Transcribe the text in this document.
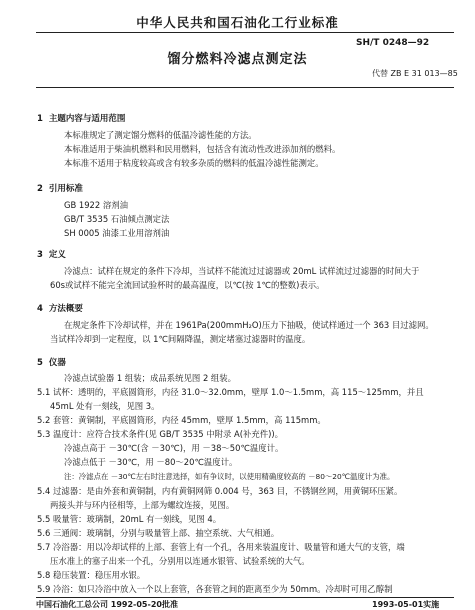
中华人民共和国石油化工行业标准
SH/T 0248—92
馏分燃料冷滤点测定法
代替 ZB E 31 013—85
1 主题内容与适用范围
本标准规定了测定馏分燃料的低温冷滤性能的方法。
本标准适用于柴油机燃料和民用燃料，包括含有流动性改进添加剂的燃料。
本标准不适用于粘度较高或含有较多杂质的燃料的低温冷滤性能测定。
2 引用标准
GB 1922 溶剂油
GB/T 3535 石油倾点测定法
SH 0005 油漆工业用溶剂油
3 定义
冷滤点：试样在规定的条件下冷却，当试样不能流过过滤器或 20mL 试样流过过滤器的时间大于
60s或试样不能完全流回试验杯时的最高温度，以℃(按 1℃的整数)表示。
4 方法概要
在规定条件下冷却试样，并在 1961Pa(200mmH₂O)压力下抽吸，使试样通过一个 363 目过滤网。
当试样冷却到一定程度，以 1℃间隔降温，测定堵塞过滤器时的温度。
5 仪器
冷滤点试验器 1 组装；成品系统见图 2 组装。
5.1 试杯：透明的，平底圆筒形，内径 31.0～32.0mm，壁厚 1.0～1.5mm，高 115～125mm，并且
45mL 处有一刻线，见图 3。
5.2 套管：黄铜制，平底圆筒形，内径 45mm，壁厚 1.5mm，高 115mm。
5.3 温度计：应符合技术条件(见 GB/T 3535 中附录 A(补充件))。
冷滤点高于 －30℃(含 －30℃)，用 －38～50℃温度计。
冷滤点低于 －30℃，用 －80～20℃温度计。
注：冷滤点在 －30℃左右时注意选择，如有争议时，以使用精确度较高的 －80～20℃温度计为准。
5.4 过滤器：是由外套和黄铜制，内有黄铜网筛 0.004 号，363 目，不锈钢丝网，用黄铜环压紧。
两接头并与环内径相等，上部为螺纹连接，见图。
5.5 吸量管：玻璃制，20mL 有一刻线，见图 4。
5.6 三通阀：玻璃制，分别与吸量管上部、抽空系统、大气相通。
5.7 冷浴器：用以冷却试样的上部、套管上有一个孔，各用来装温度计、吸量管和通大气的支管，端
压水准上的塞子出来一个孔，分别用以连通水银管、试验系统的大气。
5.8 稳压装置：稳压用水银。
5.9 冷浴：如只冷浴中放入一个以上套管，各套管之间的距离至少为 50mm。冷却时可用乙醇制
中国石油化工总公司 1992-05-20批准	1993-05-01实施
